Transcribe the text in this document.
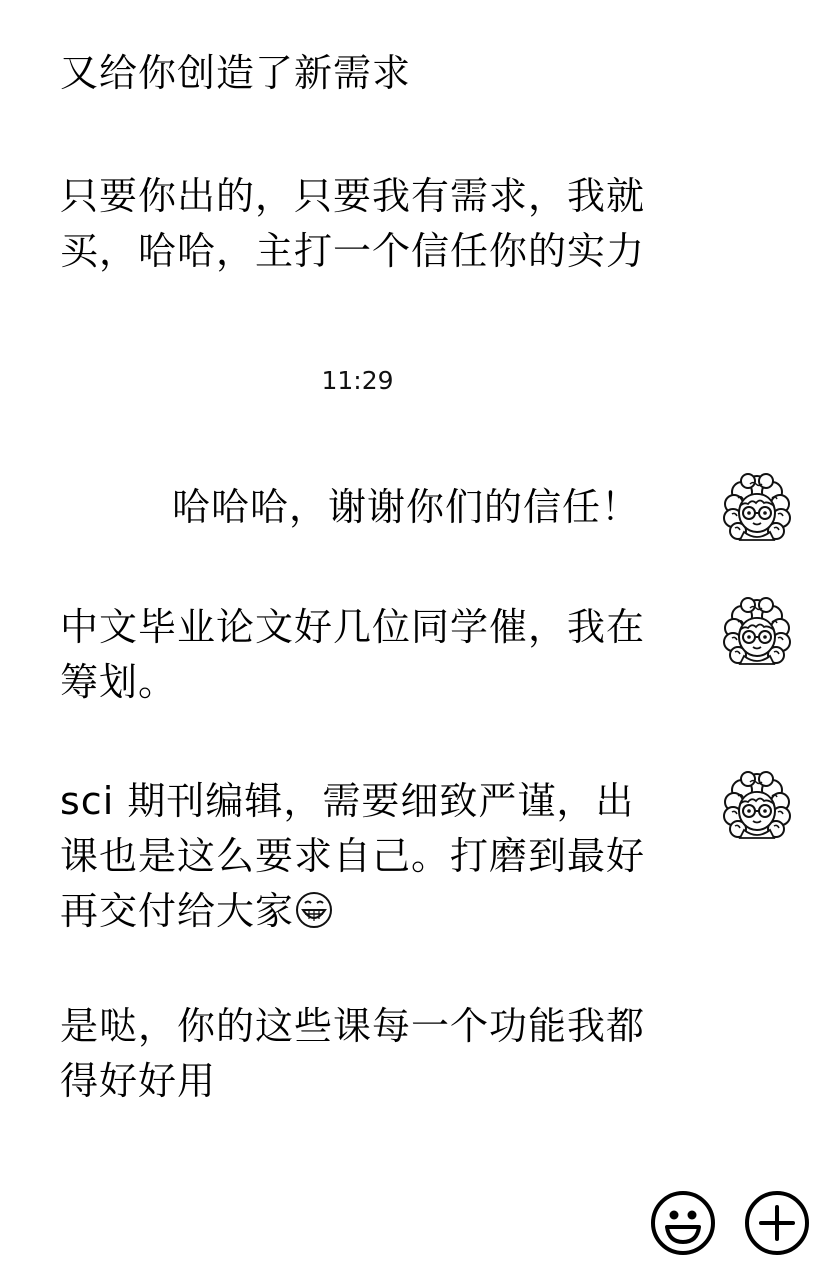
又给你创造了新需求
只要你出的，只要我有需求，我就
买，哈哈，主打一个信任你的实力
11:29
哈哈哈，谢谢你们的信任！
中文毕业论文好几位同学催，我在
筹划。
sci 期刊编辑，需要细致严谨，出
课也是这么要求自己。打磨到最好
再交付给大家
是哒，你的这些课每一个功能我都
得好好用
